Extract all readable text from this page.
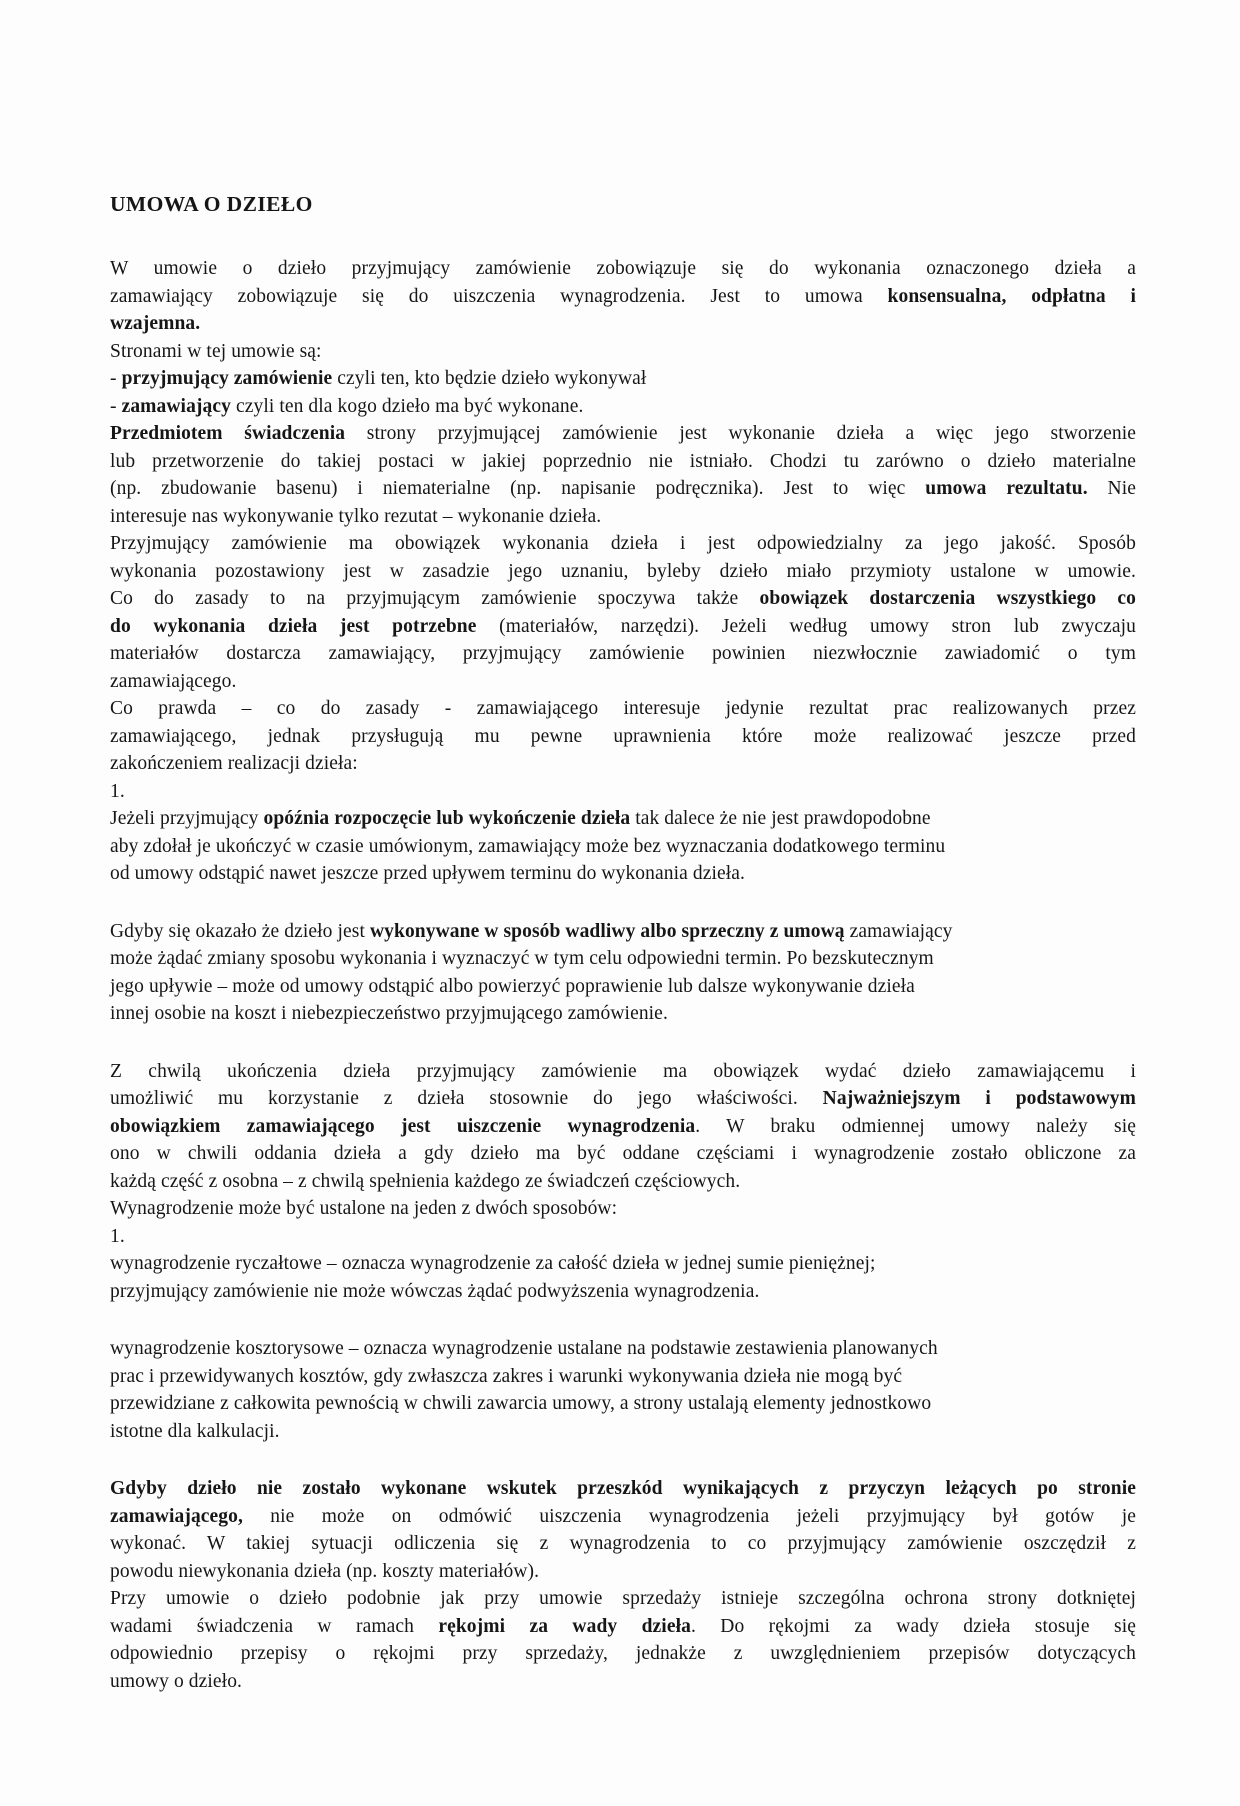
UMOWA O DZIEŁO
W umowie o dzieło przyjmujący zamówienie zobowiązuje się do wykonania oznaczonego dzieła a
zamawiający zobowiązuje się do uiszczenia wynagrodzenia. Jest to umowa konsensualna, odpłatna i
wzajemna.
Stronami w tej umowie są:
- przyjmujący zamówienie czyli ten, kto będzie dzieło wykonywał
- zamawiający czyli ten dla kogo dzieło ma być wykonane.
Przedmiotem świadczenia strony przyjmującej zamówienie jest wykonanie dzieła a więc jego stworzenie
lub przetworzenie do takiej postaci w jakiej poprzednio nie istniało. Chodzi tu zarówno o dzieło materialne
(np. zbudowanie basenu) i niematerialne (np. napisanie podręcznika). Jest to więc umowa rezultatu. Nie
interesuje nas wykonywanie tylko rezutat – wykonanie dzieła.
Przyjmujący zamówienie ma obowiązek wykonania dzieła i jest odpowiedzialny za jego jakość. Sposób
wykonania pozostawiony jest w zasadzie jego uznaniu, byleby dzieło miało przymioty ustalone w umowie.
Co do zasady to na przyjmującym zamówienie spoczywa także obowiązek dostarczenia wszystkiego co
do wykonania dzieła jest potrzebne (materiałów, narzędzi). Jeżeli według umowy stron lub zwyczaju
materiałów dostarcza zamawiający, przyjmujący zamówienie powinien niezwłocznie zawiadomić o tym
zamawiającego.
Co prawda – co do zasady - zamawiającego interesuje jedynie rezultat prac realizowanych przez
zamawiającego, jednak przysługują mu pewne uprawnienia które może realizować jeszcze przed
zakończeniem realizacji dzieła:
1.
Jeżeli przyjmujący opóźnia rozpoczęcie lub wykończenie dzieła tak dalece że nie jest prawdopodobne
aby zdołał je ukończyć w czasie umówionym, zamawiający może bez wyznaczania dodatkowego terminu
od umowy odstąpić nawet jeszcze przed upływem terminu do wykonania dzieła.
Gdyby się okazało że dzieło jest wykonywane w sposób wadliwy albo sprzeczny z umową zamawiający
może żądać zmiany sposobu wykonania i wyznaczyć w tym celu odpowiedni termin. Po bezskutecznym
jego upływie – może od umowy odstąpić albo powierzyć poprawienie lub dalsze wykonywanie dzieła
innej osobie na koszt i niebezpieczeństwo przyjmującego zamówienie.
Z chwilą ukończenia dzieła przyjmujący zamówienie ma obowiązek wydać dzieło zamawiającemu i
umożliwić mu korzystanie z dzieła stosownie do jego właściwości. Najważniejszym i podstawowym
obowiązkiem zamawiającego jest uiszczenie wynagrodzenia. W braku odmiennej umowy należy się
ono w chwili oddania dzieła a gdy dzieło ma być oddane częściami i wynagrodzenie zostało obliczone za
każdą część z osobna – z chwilą spełnienia każdego ze świadczeń częściowych.
Wynagrodzenie może być ustalone na jeden z dwóch sposobów:
1.
wynagrodzenie ryczałtowe – oznacza wynagrodzenie za całość dzieła w jednej sumie pieniężnej;
przyjmujący zamówienie nie może wówczas żądać podwyższenia wynagrodzenia.
wynagrodzenie kosztorysowe – oznacza wynagrodzenie ustalane na podstawie zestawienia planowanych
prac i przewidywanych kosztów, gdy zwłaszcza zakres i warunki wykonywania dzieła nie mogą być
przewidziane z całkowita pewnością w chwili zawarcia umowy, a strony ustalają elementy jednostkowo
istotne dla kalkulacji.
Gdyby dzieło nie zostało wykonane wskutek przeszkód wynikających z przyczyn leżących po stronie
zamawiającego, nie może on odmówić uiszczenia wynagrodzenia jeżeli przyjmujący był gotów je
wykonać. W takiej sytuacji odliczenia się z wynagrodzenia to co przyjmujący zamówienie oszczędził z
powodu niewykonania dzieła (np. koszty materiałów).
Przy umowie o dzieło podobnie jak przy umowie sprzedaży istnieje szczególna ochrona strony dotkniętej
wadami świadczenia w ramach rękojmi za wady dzieła. Do rękojmi za wady dzieła stosuje się
odpowiednio przepisy o rękojmi przy sprzedaży, jednakże z uwzględnieniem przepisów dotyczących
umowy o dzieło.
